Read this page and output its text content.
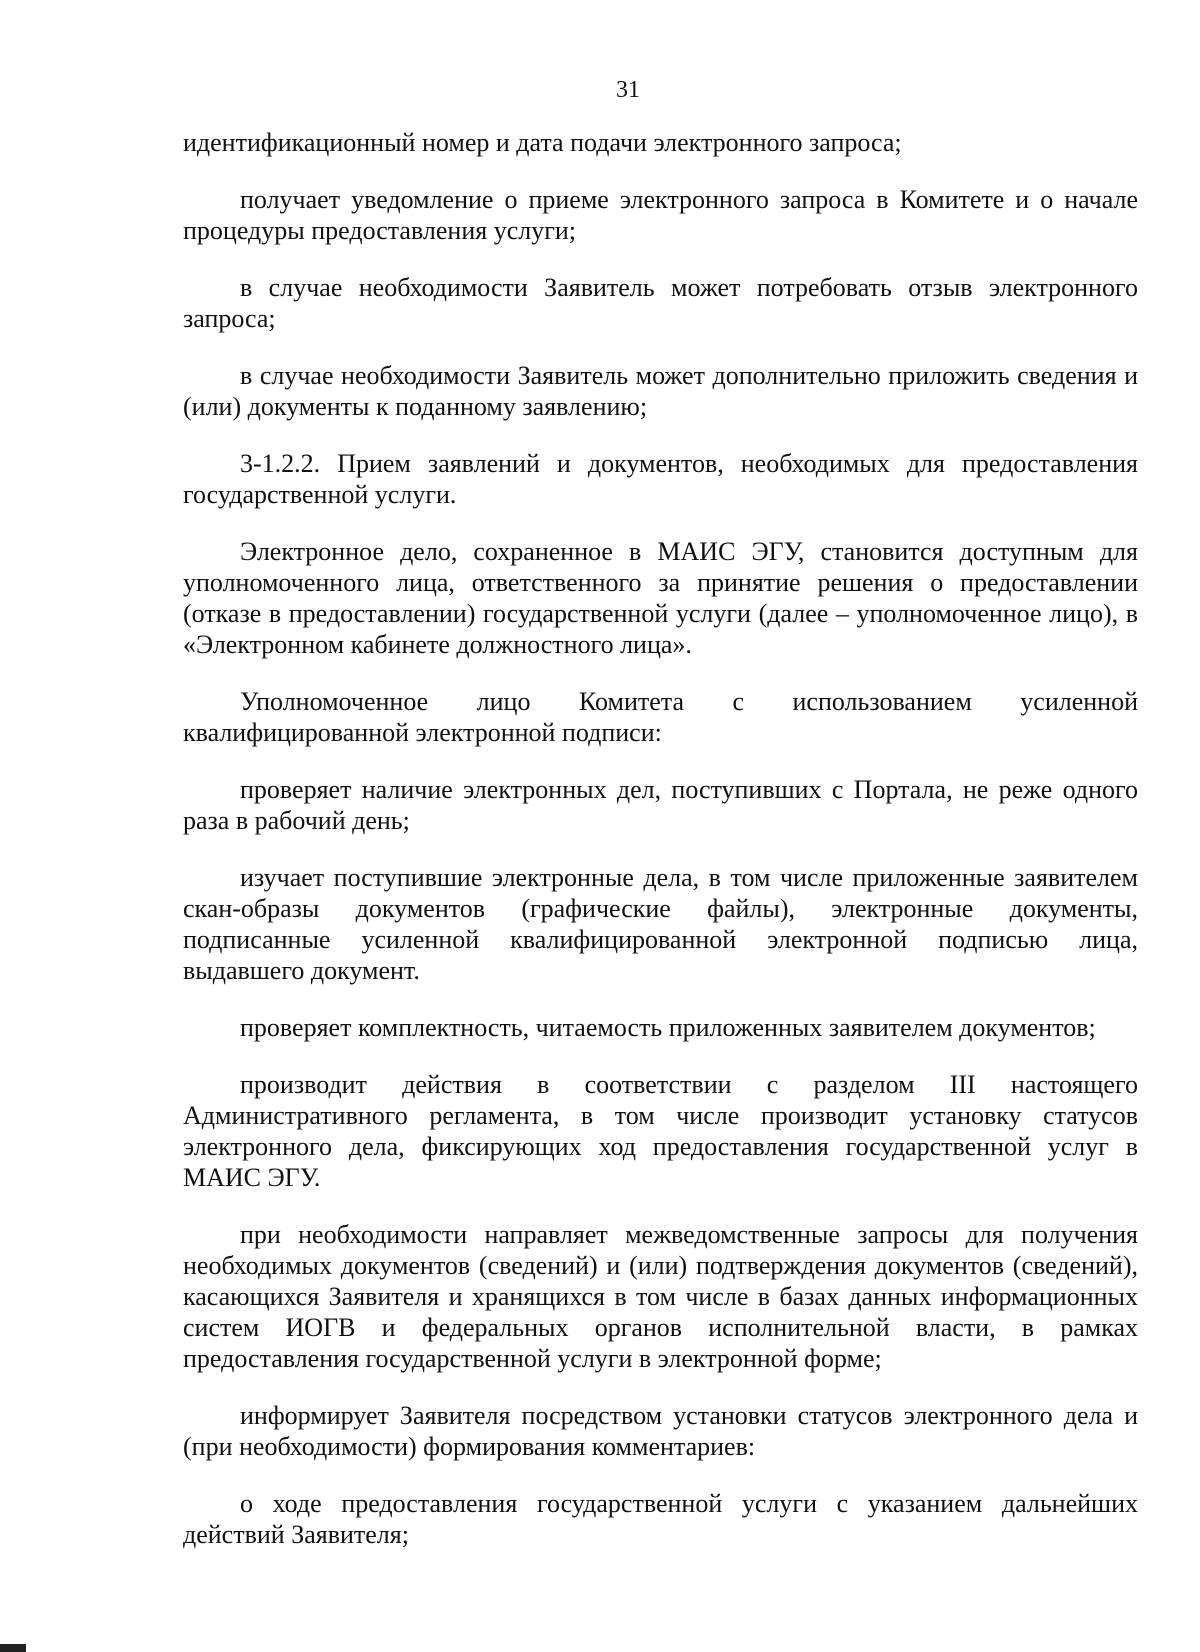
31

идентификационный номер и дата подачи электронного запроса;

получает уведомление о приеме электронного запроса в Комитете и о начале процедуры предоставления услуги;

в случае необходимости Заявитель может потребовать отзыв электронного запроса;

в случае необходимости Заявитель может дополнительно приложить сведения и (или) документы к поданному заявлению;

3-1.2.2. Прием заявлений и документов, необходимых для предоставления государственной услуги.

Электронное дело, сохраненное в МАИС ЭГУ, становится доступным для уполномоченного лица, ответственного за принятие решения о предоставлении (отказе в предоставлении) государственной услуги (далее – уполномоченное лицо), в «Электронном кабинете должностного лица».

Уполномоченное лицо Комитета с использованием усиленной квалифицированной электронной подписи:

проверяет наличие электронных дел, поступивших с Портала, не реже одного раза в рабочий день;

изучает поступившие электронные дела, в том числе приложенные заявителем скан-образы документов (графические файлы), электронные документы, подписанные усиленной квалифицированной электронной подписью лица, выдавшего документ.

проверяет комплектность, читаемость приложенных заявителем документов;

производит действия в соответствии с разделом III настоящего Административного регламента, в том числе производит установку статусов электронного дела, фиксирующих ход предоставления государственной услуг в МАИС ЭГУ.

при необходимости направляет межведомственные запросы для получения необходимых документов (сведений) и (или) подтверждения документов (сведений), касающихся Заявителя и хранящихся в том числе в базах данных информационных систем ИОГВ и федеральных органов исполнительной власти, в рамках предоставления государственной услуги в электронной форме;

информирует Заявителя посредством установки статусов электронного дела и (при необходимости) формирования комментариев:

о ходе предоставления государственной услуги с указанием дальнейших действий Заявителя;
